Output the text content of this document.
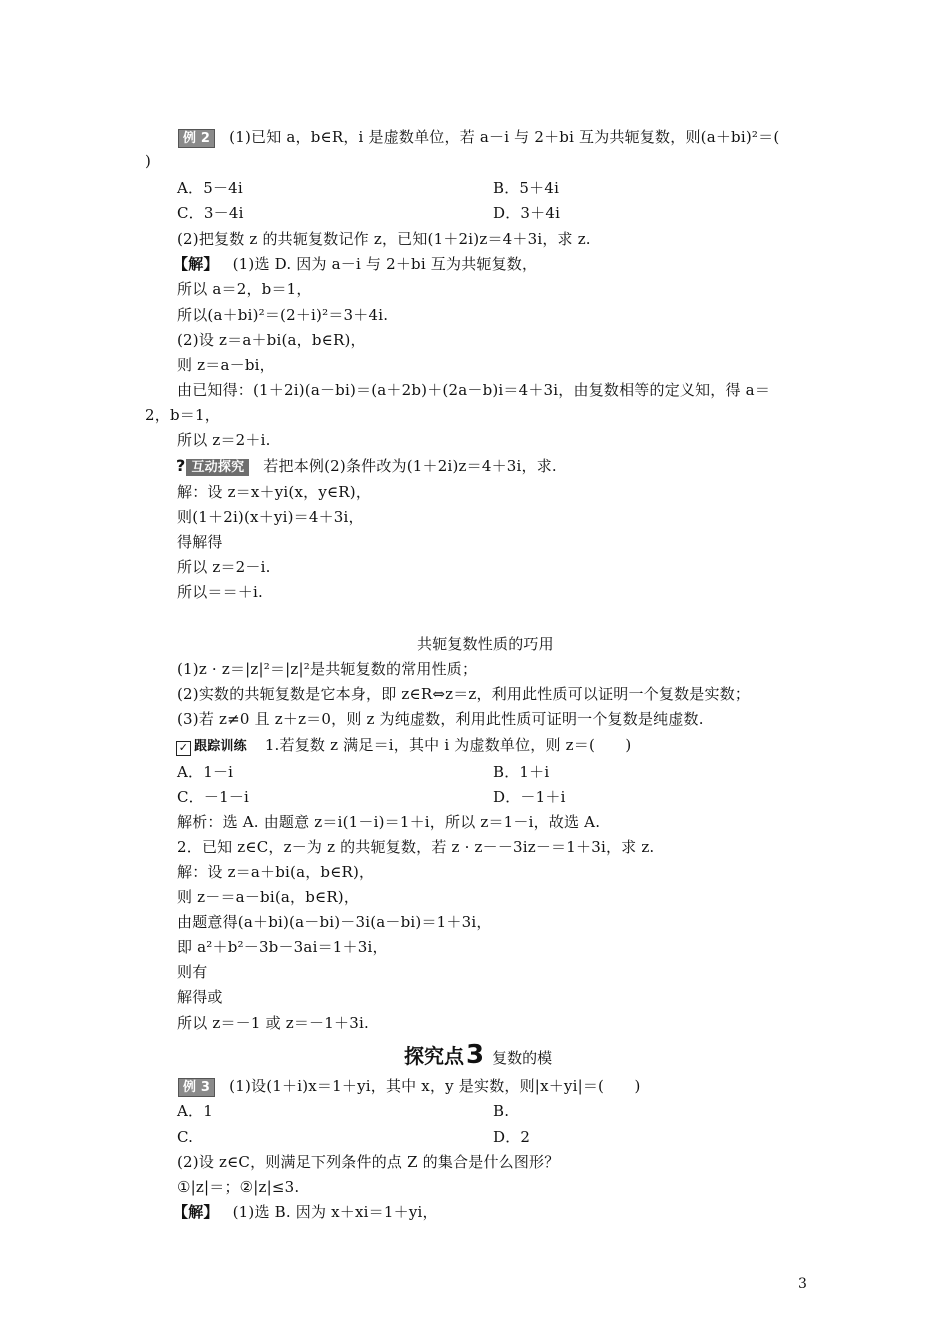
例 2 (1)已知 a，b∈R，i 是虚数单位，若 a－i 与 2＋bi 互为共轭复数，则(a＋bi)²＝(
)
A．5－4i	B．5＋4i
C．3－4i	D．3＋4i
(2)把复数 z 的共轭复数记作 z，已知(1＋2i)z＝4＋3i，求 z.
【解】 (1)选 D. 因为 a－i 与 2＋bi 互为共轭复数，
所以 a＝2，b＝1，
所以(a＋bi)²＝(2＋i)²＝3＋4i.
(2)设 z＝a＋bi(a，b∈R)，
则 z＝a－bi，
由已知得：(1＋2i)(a－bi)＝(a＋2b)＋(2a－b)i＝4＋3i，由复数相等的定义知，得 a＝
2，b＝1，
所以 z＝2＋i.
? 互动探究 若把本例(2)条件改为(1＋2i)z＝4＋3i，求.
解：设 z＝x＋yi(x，y∈R)，
则(1＋2i)(x＋yi)＝4＋3i，
得解得
所以 z＝2－i.
所以＝＝＋i.
共轭复数性质的巧用
(1)z · z＝|z|²＝|z|²是共轭复数的常用性质；
(2)实数的共轭复数是它本身，即 z∈R⇔z＝z，利用此性质可以证明一个复数是实数；
(3)若 z≠0 且 z＋z＝0，则 z 为纯虚数，利用此性质可证明一个复数是纯虚数.
✓ 跟踪训练 1.若复数 z 满足＝i，其中 i 为虚数单位，则 z＝(　　)
A．1－i	B．1＋i
C．－1－i	D．－1＋i
解析：选 A. 由题意 z＝i(1－i)＝1＋i，所以 z＝1－i，故选 A.
2．已知 z∈C，z－为 z 的共轭复数，若 z · z－－3iz－＝1＋3i，求 z.
解：设 z＝a＋bi(a，b∈R)，
则 z－＝a－bi(a，b∈R)，
由题意得(a＋bi)(a－bi)－3i(a－bi)＝1＋3i，
即 a²＋b²－3b－3ai＝1＋3i，
则有
解得或
所以 z＝－1 或 z＝－1＋3i.
探究点3 复数的模
例 3 (1)设(1＋i)x＝1＋yi，其中 x，y 是实数，则|x＋yi|＝(　　)
A．1	B.
C.	D．2
(2)设 z∈C，则满足下列条件的点 Z 的集合是什么图形？
①|z|＝；②|z|≤3.
【解】 (1)选 B. 因为 x＋xi＝1＋yi，
3
